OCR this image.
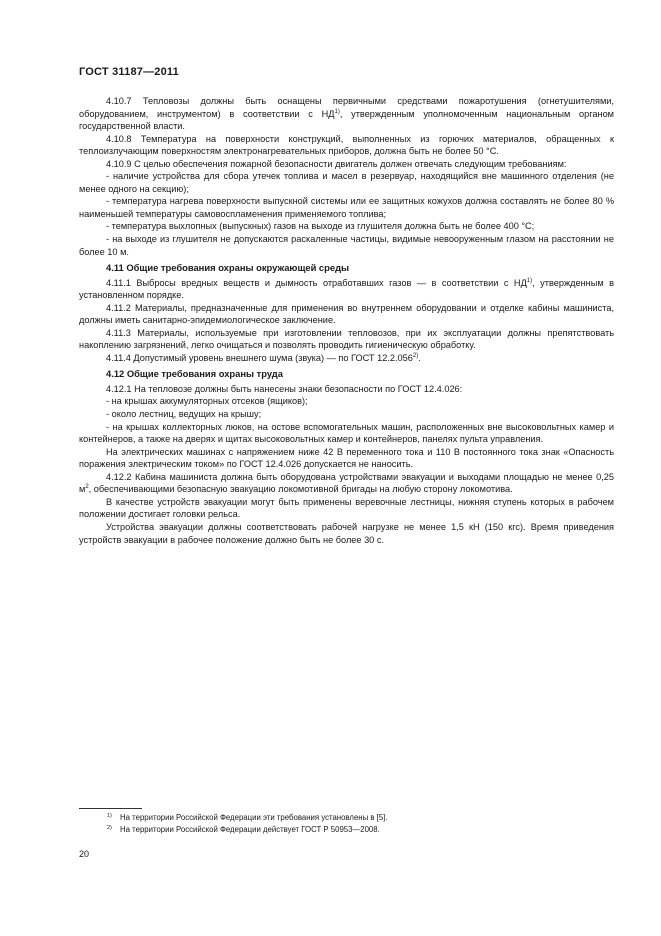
ГОСТ 31187—2011

4.10.7 Тепловозы должны быть оснащены первичными средствами пожаротушения (огнетушителями, оборудованием, инструментом) в соответствии с НД$^{1)}$, утвержденным уполномоченным национальным органом государственной власти.

4.10.8 Температура на поверхности конструкций, выполненных из горючих материалов, обращенных к теплоизлучающим поверхностям электронагревательных приборов, должна быть не более 50 °С.

4.10.9 С целью обеспечения пожарной безопасности двигатель должен отвечать следующим требованиям:

- наличие устройства для сбора утечек топлива и масел в резервуар, находящийся вне машинного отделения (не менее одного на секцию);

- температура нагрева поверхности выпускной системы или ее защитных кожухов должна составлять не более 80 % наименьшей температуры самовоспламенения применяемого топлива;

- температура выхлопных (выпускных) газов на выходе из глушителя должна быть не более 400 °С;

- на выходе из глушителя не допускаются раскаленные частицы, видимые невооруженным глазом на расстоянии не более 10 м.

4.11 Общие требования охраны окружающей среды

4.11.1 Выбросы вредных веществ и дымность отработавших газов — в соответствии с НД$^{1)}$, утвержденным в установленном порядке.

4.11.2 Материалы, предназначенные для применения во внутреннем оборудовании и отделке кабины машиниста, должны иметь санитарно-эпидемиологическое заключение.

4.11.3 Материалы, используемые при изготовлении тепловозов, при их эксплуатации должны препятствовать накоплению загрязнений, легко очищаться и позволять проводить гигиеническую обработку.

4.11.4 Допустимый уровень внешнего шума (звука) — по ГОСТ 12.2.056$^{2)}$.

4.12 Общие требования охраны труда

4.12.1 На тепловозе должны быть нанесены знаки безопасности по ГОСТ 12.4.026:

- на крышах аккумуляторных отсеков (ящиков);

- около лестниц, ведущих на крышу;

- на крышах коллекторных люков, на остове вспомогательных машин, расположенных вне высоковольтных камер и контейнеров, а также на дверях и щитах высоковольтных камер и контейнеров, панелях пульта управления.

На электрических машинах с напряжением ниже 42 В переменного тока и 110 В постоянного тока знак «Опасность поражения электрическим током» по ГОСТ 12.4.026 допускается не наносить.

4.12.2 Кабина машиниста должна быть оборудована устройствами эвакуации и выходами площадью не менее 0,25 $м^2$, обеспечивающими безопасную эвакуацию локомотивной бригады на любую сторону локомотива.

В качестве устройств эвакуации могут быть применены веревочные лестницы, нижняя ступень которых в рабочем положении достигает головки рельса.

Устройства эвакуации должны соответствовать рабочей нагрузке не менее 1,5 кН (150 кгс). Время приведения устройств эвакуации в рабочее положение должно быть не более 30 с.

1) На территории Российской Федерации эти требования установлены в [5].
2) На территории Российской Федерации действует ГОСТ Р 50953—2008.
20
